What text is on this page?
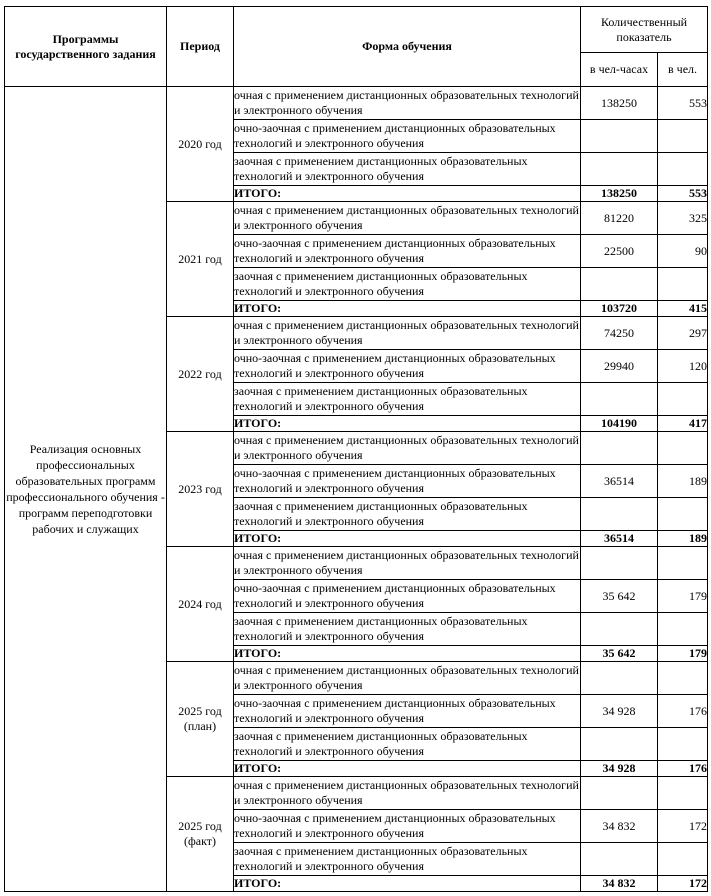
Программы государственного задания	Период	Форма обучения	Количественный показатель	
			в чел-часах	в чел.
Реализация основных профессиональных образовательных программ профессионального обучения - программ переподготовки рабочих и служащих	2020 год	очная с применением дистанционных образовательных технологий и электронного обучения	138250	553
		очно-заочная с применением дистанционных образовательных технологий и электронного обучения		
		заочная с применением дистанционных образовательных технологий и электронного обучения		
		ИТОГО:	138250	553
	2021 год	очная с применением дистанционных образовательных технологий и электронного обучения	81220	325
		очно-заочная с применением дистанционных образовательных технологий и электронного обучения	22500	90
		заочная с применением дистанционных образовательных технологий и электронного обучения		
		ИТОГО:	103720	415
	2022 год	очная с применением дистанционных образовательных технологий и электронного обучения	74250	297
		очно-заочная с применением дистанционных образовательных технологий и электронного обучения	29940	120
		заочная с применением дистанционных образовательных технологий и электронного обучения		
		ИТОГО:	104190	417
	2023 год	очная с применением дистанционных образовательных технологий и электронного обучения		
		очно-заочная с применением дистанционных образовательных технологий и электронного обучения	36514	189
		заочная с применением дистанционных образовательных технологий и электронного обучения		
		ИТОГО:	36514	189
	2024 год	очная с применением дистанционных образовательных технологий и электронного обучения		
		очно-заочная с применением дистанционных образовательных технологий и электронного обучения	35 642	179
		заочная с применением дистанционных образовательных технологий и электронного обучения		
		ИТОГО:	35 642	179
	2025 год (план)	очная с применением дистанционных образовательных технологий и электронного обучения		
		очно-заочная с применением дистанционных образовательных технологий и электронного обучения	34 928	176
		заочная с применением дистанционных образовательных технологий и электронного обучения		
		ИТОГО:	34 928	176
	2025 год (факт)	очная с применением дистанционных образовательных технологий и электронного обучения		
		очно-заочная с применением дистанционных образовательных технологий и электронного обучения	34 832	172
		заочная с применением дистанционных образовательных технологий и электронного обучения		
		ИТОГО:	34 832	172
